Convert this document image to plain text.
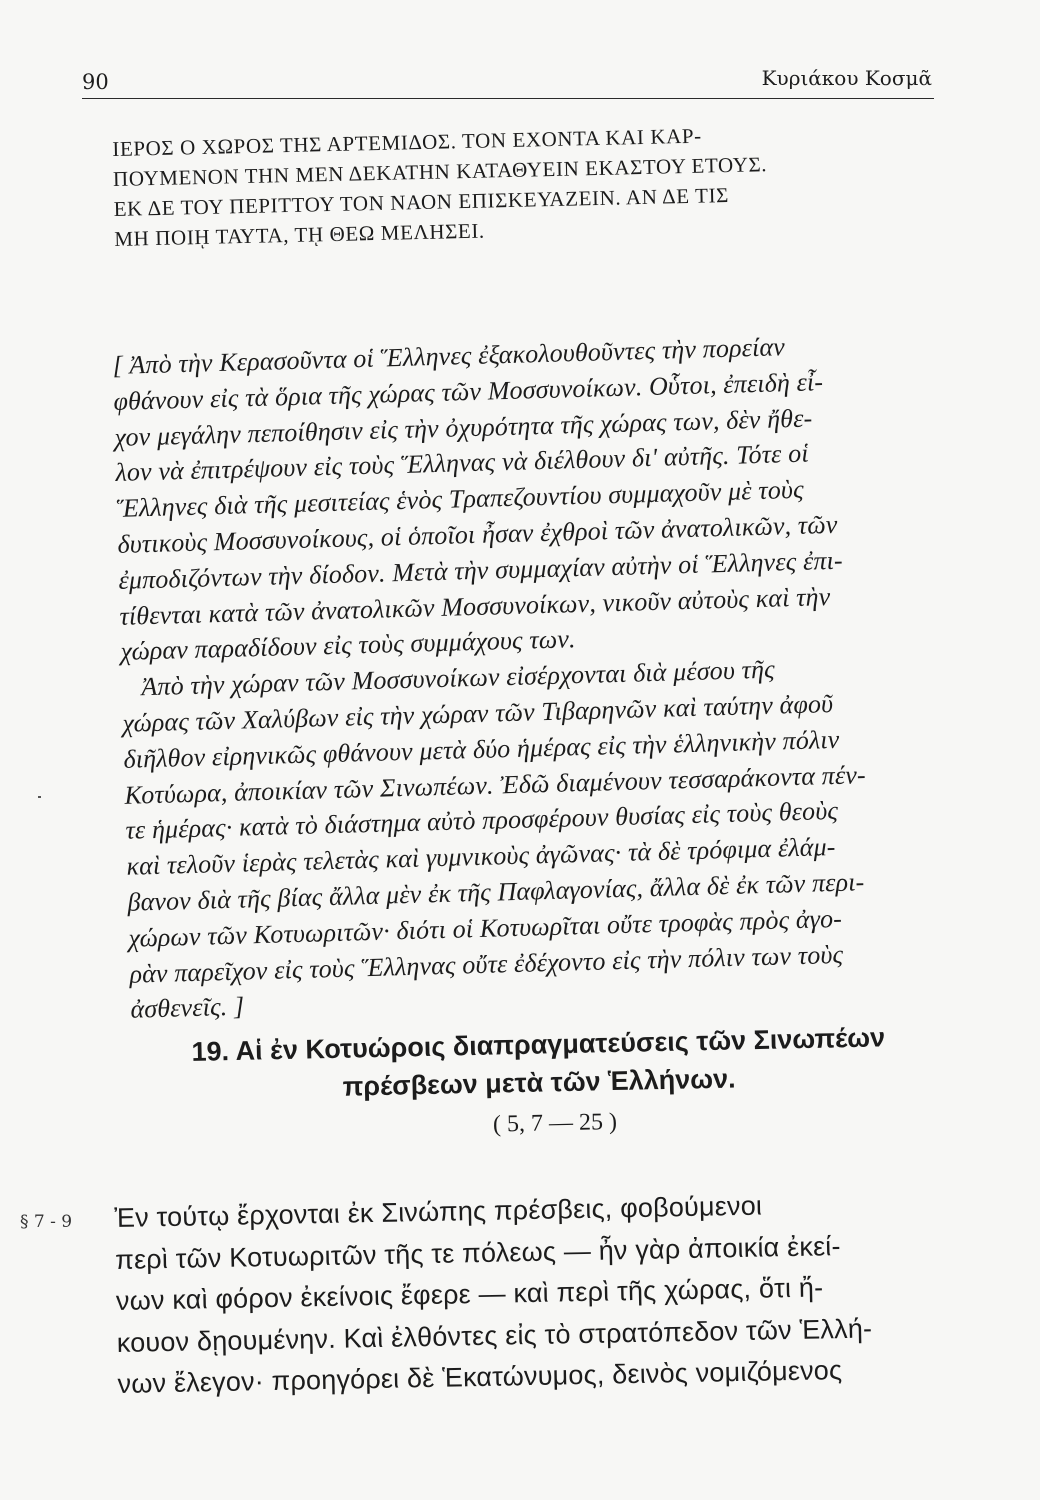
90	Κυριάκου Κοσμᾶ
ΙΕΡΟΣ Ο ΧΩΡΟΣ ΤΗΣ ΑΡΤΕΜΙΔΟΣ. ΤΟΝ ΕΧΟΝΤΑ ΚΑΙ ΚΑΡ-
ΠΟΥΜΕΝΟΝ ΤΗΝ ΜΕΝ ΔΕΚΑΤΗΝ ΚΑΤΑΘΥΕΙΝ ΕΚΑΣΤΟΥ ΕΤΟΥΣ.
ΕΚ ΔΕ ΤΟΥ ΠΕΡΙΤΤΟΥ ΤΟΝ ΝΑΟΝ ΕΠΙΣΚΕΥΑΖΕΙΝ. ΑΝ ΔΕ ΤΙΣ
ΜΗ ΠΟΙῌ ΤΑΥΤΑ, Τῌ ΘΕΩ ΜΕΛΗΣΕΙ.
[ Ἀπὸ τὴν Κερασοῦντα οἱ Ἕλληνες ἐξακολουθοῦντες τὴν πορείαν
φθάνουν εἰς τὰ ὅρια τῆς χώρας τῶν Μοσσυνοίκων. Οὗτοι, ἐπειδὴ εἶ-
χον μεγάλην πεποίθησιν εἰς τὴν ὀχυρότητα τῆς χώρας των, δὲν ἤθε-
λον νὰ ἐπιτρέψουν εἰς τοὺς Ἕλληνας νὰ διέλθουν δι' αὐτῆς. Τότε οἱ
Ἕλληνες διὰ τῆς μεσιτείας ἑνὸς Τραπεζουντίου συμμαχοῦν μὲ τοὺς
δυτικοὺς Μοσσυνοίκους, οἱ ὁποῖοι ἦσαν ἐχθροὶ τῶν ἀνατολικῶν, τῶν
ἐμποδιζόντων τὴν δίοδον. Μετὰ τὴν συμμαχίαν αὐτὴν οἱ Ἕλληνες ἐπι-
τίθενται κατὰ τῶν ἀνατολικῶν Μοσσυνοίκων, νικοῦν αὐτοὺς καὶ τὴν
χώραν παραδίδουν εἰς τοὺς συμμάχους των.
Ἀπὸ τὴν χώραν τῶν Μοσσυνοίκων εἰσέρχονται διὰ μέσου τῆς
χώρας τῶν Χαλύβων εἰς τὴν χώραν τῶν Τιβαρηνῶν καὶ ταύτην ἀφοῦ
διῆλθον εἰρηνικῶς φθάνουν μετὰ δύο ἡμέρας εἰς τὴν ἑλληνικὴν πόλιν
Κοτύωρα, ἀποικίαν τῶν Σινωπέων. Ἐδῶ διαμένουν τεσσαράκοντα πέν-
τε ἡμέρας· κατὰ τὸ διάστημα αὐτὸ προσφέρουν θυσίας εἰς τοὺς θεοὺς
καὶ τελοῦν ἱερὰς τελετὰς καὶ γυμνικοὺς ἀγῶνας· τὰ δὲ τρόφιμα ἐλάμ-
βανον διὰ τῆς βίας ἄλλα μὲν ἐκ τῆς Παφλαγονίας, ἄλλα δὲ ἐκ τῶν περι-
χώρων τῶν Κοτυωριτῶν· διότι οἱ Κοτυωρῖται οὔτε τροφὰς πρὸς ἀγο-
ρὰν παρεῖχον εἰς τοὺς Ἕλληνας οὔτε ἐδέχοντο εἰς τὴν πόλιν των τοὺς
ἀσθενεῖς. ]
19. Αἱ ἐν Κοτυώροις διαπραγματεύσεις τῶν Σινωπέων
πρέσβεων μετὰ τῶν Ἑλλήνων.
( 5, 7 — 25 )
§ 7 - 9 Ἐν τούτῳ ἔρχονται ἐκ Σινώπης πρέσβεις, φοβούμενοι
περὶ τῶν Κοτυωριτῶν τῆς τε πόλεως — ἦν γὰρ ἀποικία ἐκεί-
νων καὶ φόρον ἐκείνοις ἔφερε — καὶ περὶ τῆς χώρας, ὅτι ἤ-
κουον δῃουμένην. Καὶ ἐλθόντες εἰς τὸ στρατόπεδον τῶν Ἑλλή-
νων ἔλεγον· προηγόρει δὲ Ἑκατώνυμος, δεινὸς νομιζόμενος
